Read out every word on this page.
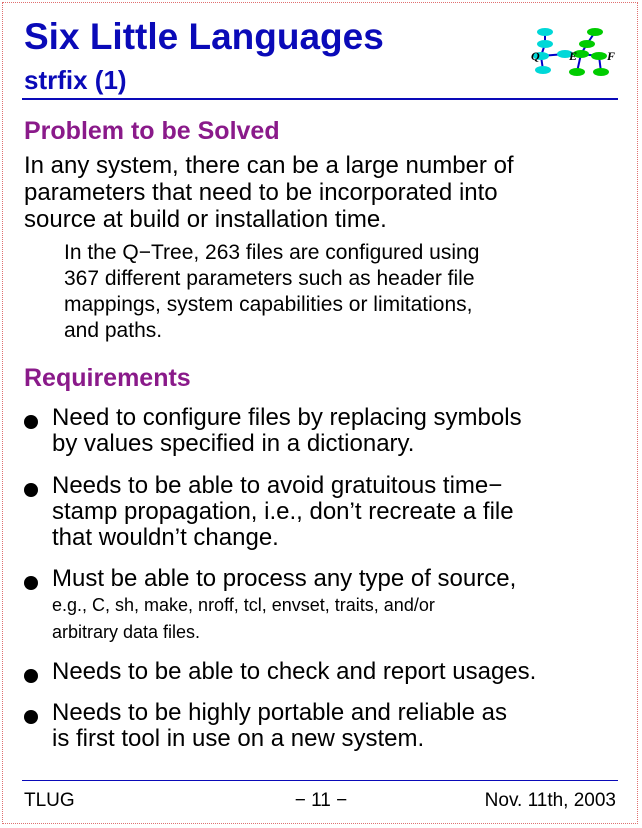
Six Little Languages
strfix (1)
Q E F
Problem to be Solved
In any system, there can be a large number of
parameters that need to be incorporated into
source at build or installation time.
In the Q−Tree, 263 files are configured using
367 different parameters such as header file
mappings, system capabilities or limitations,
and paths.
Requirements
Need to configure files by replacing symbols
by values specified in a dictionary.
Needs to be able to avoid gratuitous time−
stamp propagation, i.e., don’t recreate a file
that wouldn’t change.
Must be able to process any type of source,
e.g., C, sh, make, nroff, tcl, envset, traits, and/or
arbitrary data files.
Needs to be able to check and report usages.
Needs to be highly portable and reliable as
is first tool in use on a new system.
TLUG	− 11 −	Nov. 11th, 2003
